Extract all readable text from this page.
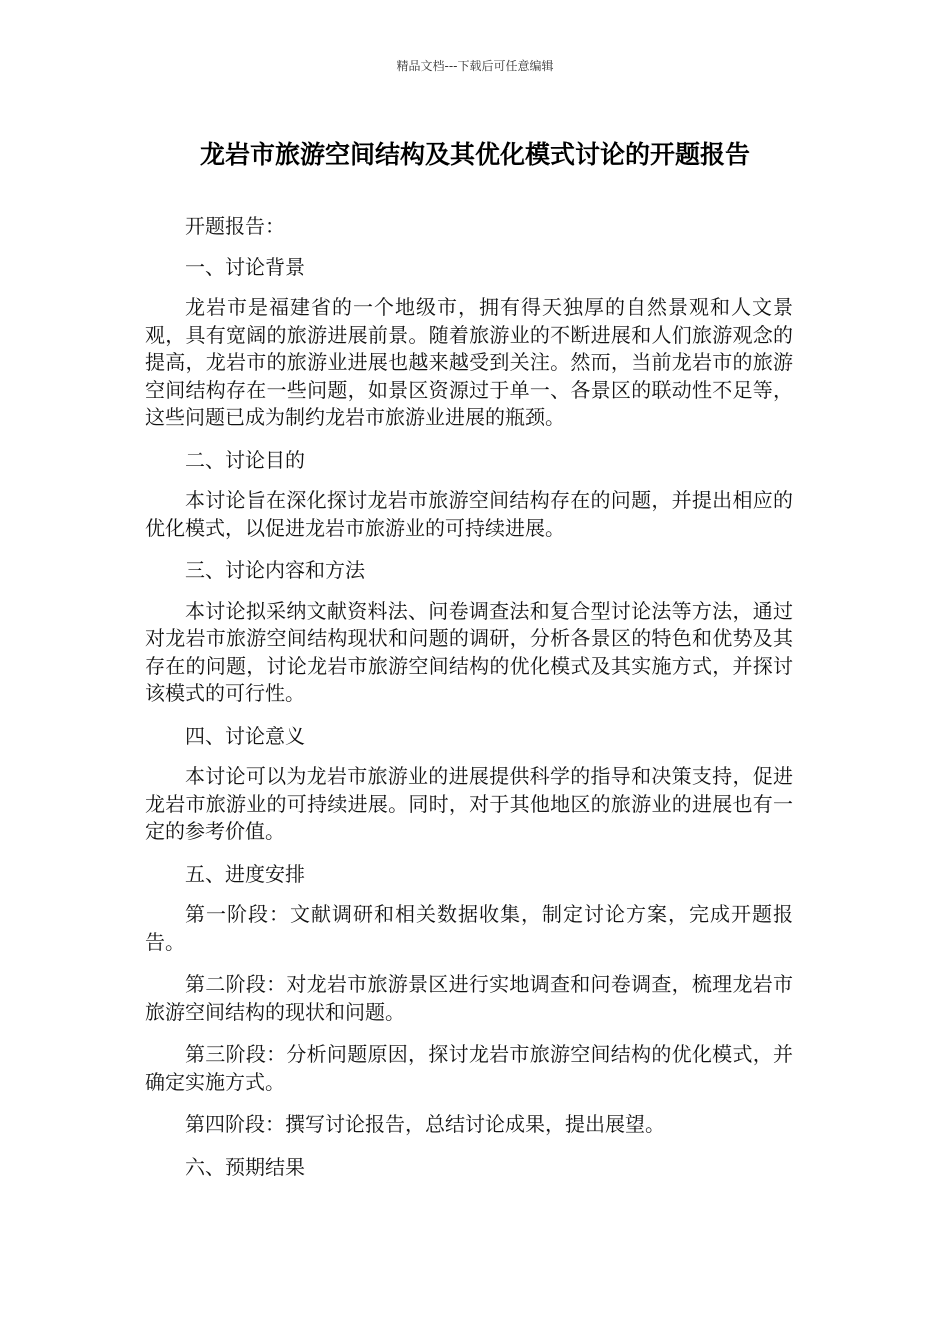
精品文档---下载后可任意编辑
龙岩市旅游空间结构及其优化模式讨论的开题报告

开题报告：

一、讨论背景

龙岩市是福建省的一个地级市，拥有得天独厚的自然景观和人文景观，具有宽阔的旅游进展前景。随着旅游业的不断进展和人们旅游观念的提高，龙岩市的旅游业进展也越来越受到关注。然而，当前龙岩市的旅游空间结构存在一些问题，如景区资源过于单一、各景区的联动性不足等，这些问题已成为制约龙岩市旅游业进展的瓶颈。

二、讨论目的

本讨论旨在深化探讨龙岩市旅游空间结构存在的问题，并提出相应的优化模式，以促进龙岩市旅游业的可持续进展。

三、讨论内容和方法

本讨论拟采纳文献资料法、问卷调查法和复合型讨论法等方法，通过对龙岩市旅游空间结构现状和问题的调研，分析各景区的特色和优势及其存在的问题，讨论龙岩市旅游空间结构的优化模式及其实施方式，并探讨该模式的可行性。

四、讨论意义

本讨论可以为龙岩市旅游业的进展提供科学的指导和决策支持，促进龙岩市旅游业的可持续进展。同时，对于其他地区的旅游业的进展也有一定的参考价值。

五、进度安排

第一阶段：文献调研和相关数据收集，制定讨论方案，完成开题报告。

第二阶段：对龙岩市旅游景区进行实地调查和问卷调查，梳理龙岩市旅游空间结构的现状和问题。

第三阶段：分析问题原因，探讨龙岩市旅游空间结构的优化模式，并确定实施方式。

第四阶段：撰写讨论报告，总结讨论成果，提出展望。

六、预期结果
